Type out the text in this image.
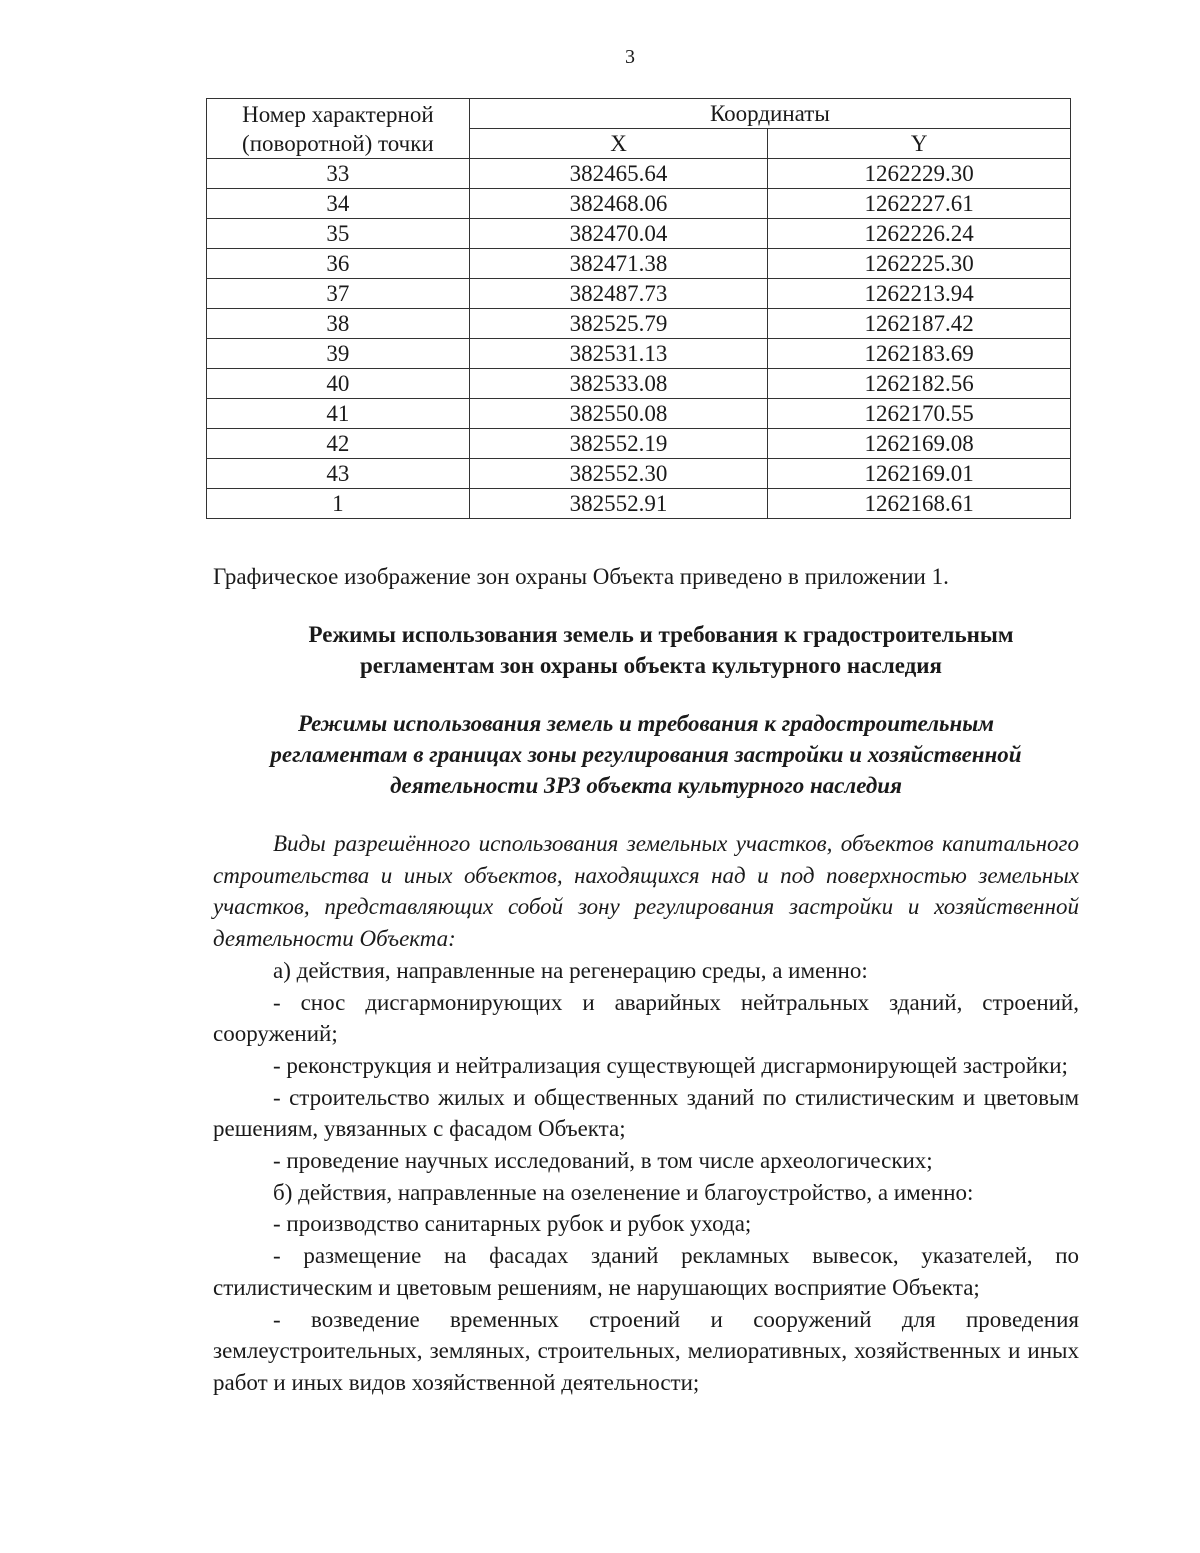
3
Номер характерной (поворотной) точки	Координаты	
	X	Y
33	382465.64	1262229.30
34	382468.06	1262227.61
35	382470.04	1262226.24
36	382471.38	1262225.30
37	382487.73	1262213.94
38	382525.79	1262187.42
39	382531.13	1262183.69
40	382533.08	1262182.56
41	382550.08	1262170.55
42	382552.19	1262169.08
43	382552.30	1262169.01
1	382552.91	1262168.61
Графическое изображение зон охраны Объекта приведено в приложении 1.
Режимы использования земель и требования к градостроительным
регламентам зон охраны объекта культурного наследия
Режимы использования земель и требования к градостроительным
регламентам в границах зоны регулирования застройки и хозяйственной
деятельности ЗРЗ объекта культурного наследия

Виды разрешённого использования земельных участков, объектов капитального строительства и иных объектов, находящихся над и под поверхностью земельных участков, представляющих собой зону регулирования застройки и хозяйственной деятельности Объекта:

а) действия, направленные на регенерацию среды, а именно:

- снос дисгармонирующих и аварийных нейтральных зданий, строений, сооружений;

- реконструкция и нейтрализация существующей дисгармонирующей застройки;

- строительство жилых и общественных зданий по стилистическим и цветовым решениям, увязанных с фасадом Объекта;

- проведение научных исследований, в том числе археологических;

б) действия, направленные на озеленение и благоустройство, а именно:

- производство санитарных рубок и рубок ухода;

- размещение на фасадах зданий рекламных вывесок, указателей, по стилистическим и цветовым решениям, не нарушающих восприятие Объекта;

- возведение временных строений и сооружений для проведения землеустроительных, земляных, строительных, мелиоративных, хозяйственных и иных работ и иных видов хозяйственной деятельности;
